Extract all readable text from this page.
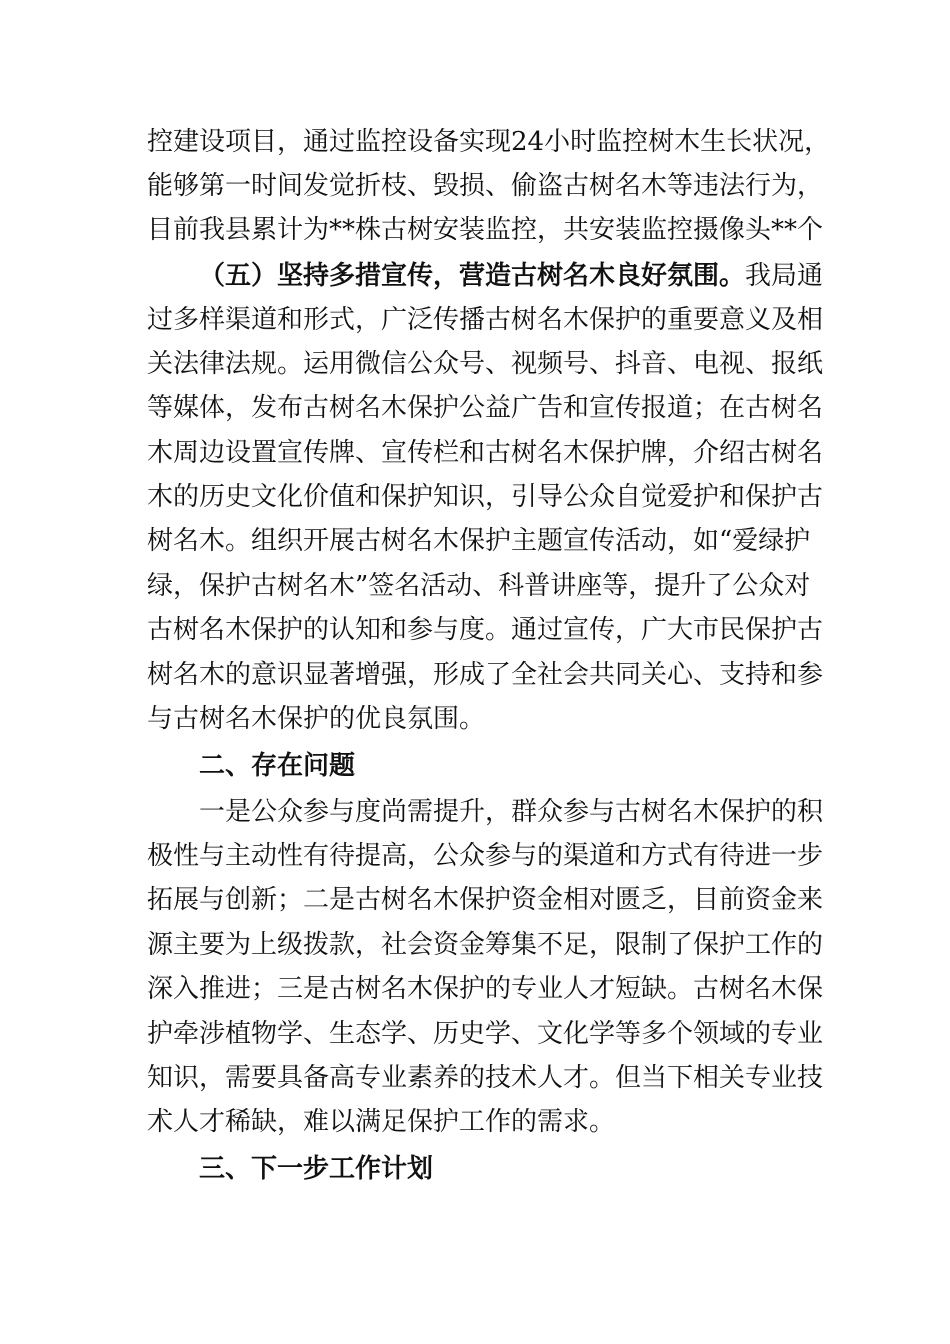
控建设项目，通过监控设备实现24小时监控树木生长状况，
能够第一时间发觉折枝、毁损、偷盗古树名木等违法行为，
目前我县累计为**株古树安装监控，共安装监控摄像头**个
（五）坚持多措宣传，营造古树名木良好氛围。我局通
过多样渠道和形式，广泛传播古树名木保护的重要意义及相
关法律法规。运用微信公众号、视频号、抖音、电视、报纸
等媒体，发布古树名木保护公益广告和宣传报道；在古树名
木周边设置宣传牌、宣传栏和古树名木保护牌，介绍古树名
木的历史文化价值和保护知识，引导公众自觉爱护和保护古
树名木。组织开展古树名木保护主题宣传活动，如“爱绿护
绿，保护古树名木”签名活动、科普讲座等，提升了公众对
古树名木保护的认知和参与度。通过宣传，广大市民保护古
树名木的意识显著增强，形成了全社会共同关心、支持和参
与古树名木保护的优良氛围。
二、存在问题
一是公众参与度尚需提升，群众参与古树名木保护的积
极性与主动性有待提高，公众参与的渠道和方式有待进一步
拓展与创新；二是古树名木保护资金相对匮乏，目前资金来
源主要为上级拨款，社会资金筹集不足，限制了保护工作的
深入推进；三是古树名木保护的专业人才短缺。古树名木保
护牵涉植物学、生态学、历史学、文化学等多个领域的专业
知识，需要具备高专业素养的技术人才。但当下相关专业技
术人才稀缺，难以满足保护工作的需求。
三、下一步工作计划
